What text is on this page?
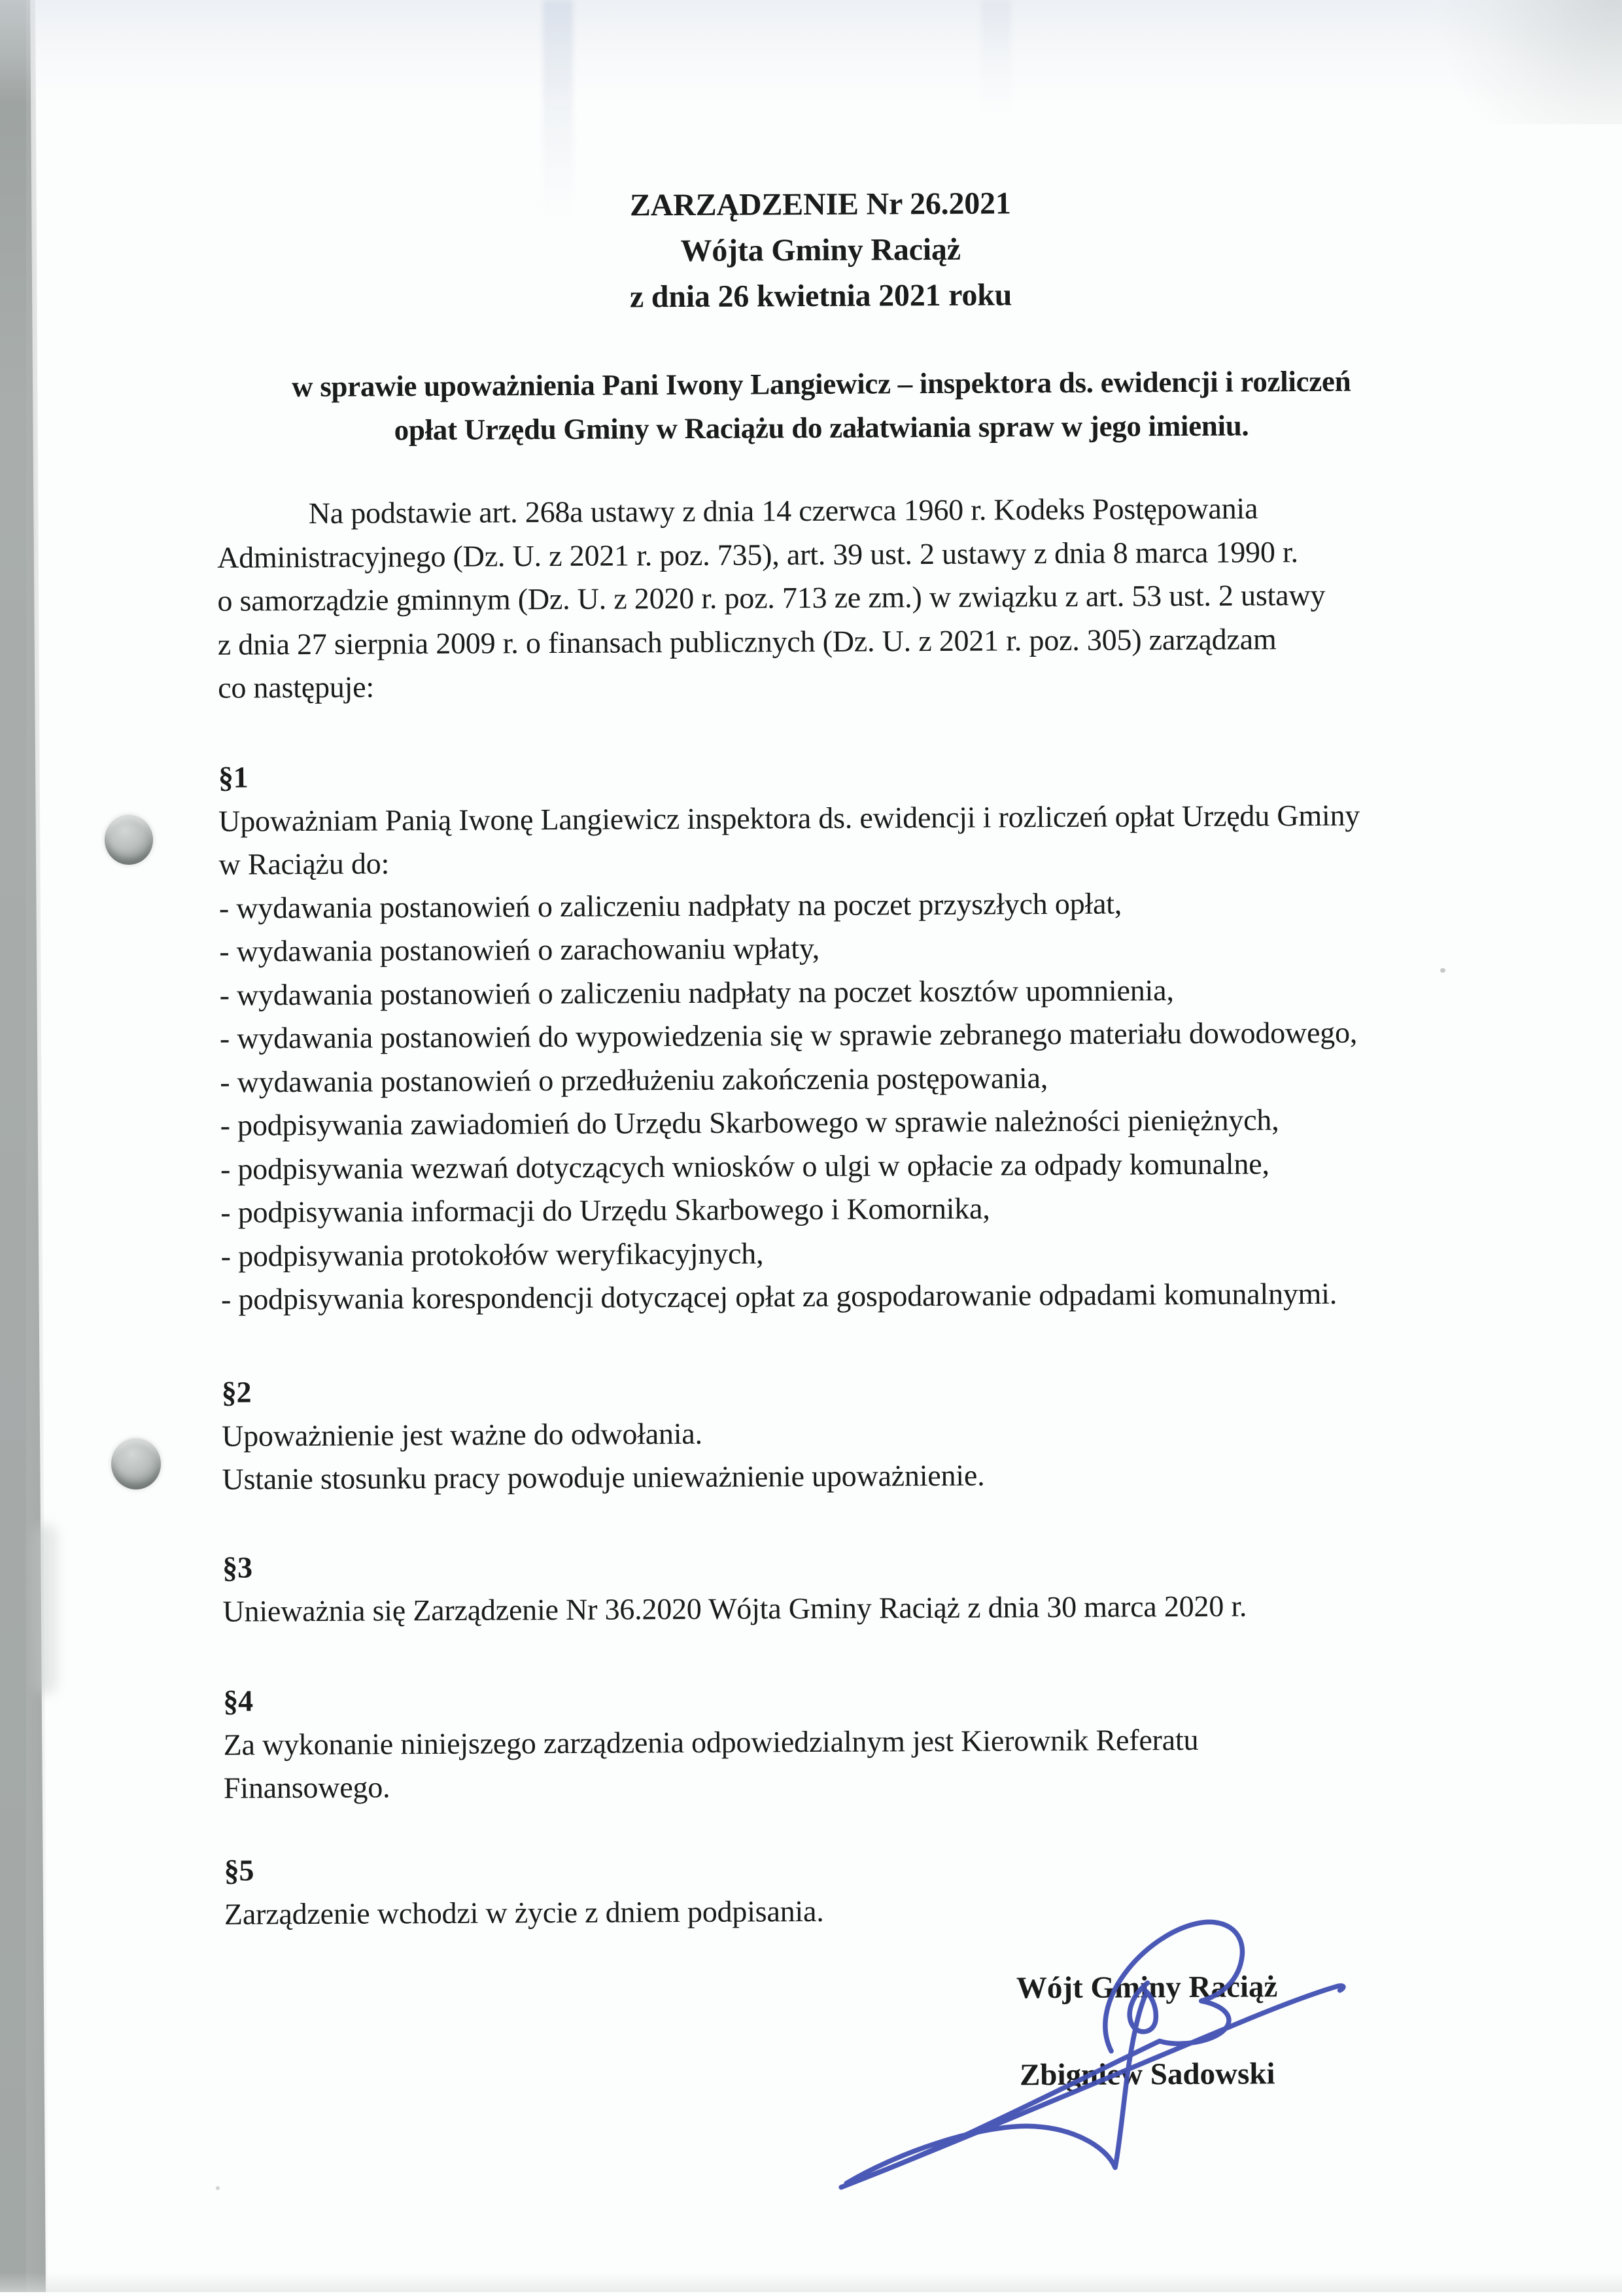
ZARZĄDZENIE Nr 26.2021
Wójta Gminy Raciąż
z dnia 26 kwietnia 2021 roku
w sprawie upoważnienia Pani Iwony Langiewicz – inspektora ds. ewidencji i rozliczeń
opłat Urzędu Gminy w Raciążu do załatwiania spraw w jego imieniu.
Na podstawie art. 268a ustawy z dnia 14 czerwca 1960 r. Kodeks Postępowania
Administracyjnego (Dz. U. z 2021 r. poz. 735), art. 39 ust. 2 ustawy z dnia 8 marca 1990 r.
o samorządzie gminnym (Dz. U. z 2020 r. poz. 713 ze zm.) w związku z art. 53 ust. 2 ustawy
z dnia 27 sierpnia 2009 r. o finansach publicznych (Dz. U. z 2021 r. poz. 305) zarządzam
co następuje:
§1
Upoważniam Panią Iwonę Langiewicz inspektora ds. ewidencji i rozliczeń opłat Urzędu Gminy
w Raciążu do:
- wydawania postanowień o zaliczeniu nadpłaty na poczet przyszłych opłat,
- wydawania postanowień o zarachowaniu wpłaty,
- wydawania postanowień o zaliczeniu nadpłaty na poczet kosztów upomnienia,
- wydawania postanowień do wypowiedzenia się w sprawie zebranego materiału dowodowego,
- wydawania postanowień o przedłużeniu zakończenia postępowania,
- podpisywania zawiadomień do Urzędu Skarbowego w sprawie należności pieniężnych,
- podpisywania wezwań dotyczących wniosków o ulgi w opłacie za odpady komunalne,
- podpisywania informacji do Urzędu Skarbowego i Komornika,
- podpisywania protokołów weryfikacyjnych,
- podpisywania korespondencji dotyczącej opłat za gospodarowanie odpadami komunalnymi.
§2
Upoważnienie jest ważne do odwołania.
Ustanie stosunku pracy powoduje unieważnienie upoważnienie.
§3
Unieważnia się Zarządzenie Nr 36.2020 Wójta Gminy Raciąż z dnia 30 marca 2020 r.
§4
Za wykonanie niniejszego zarządzenia odpowiedzialnym jest Kierownik Referatu
Finansowego.
§5
Zarządzenie wchodzi w życie z dniem podpisania.
Wójt Gminy Raciąż
Zbigniew Sadowski
